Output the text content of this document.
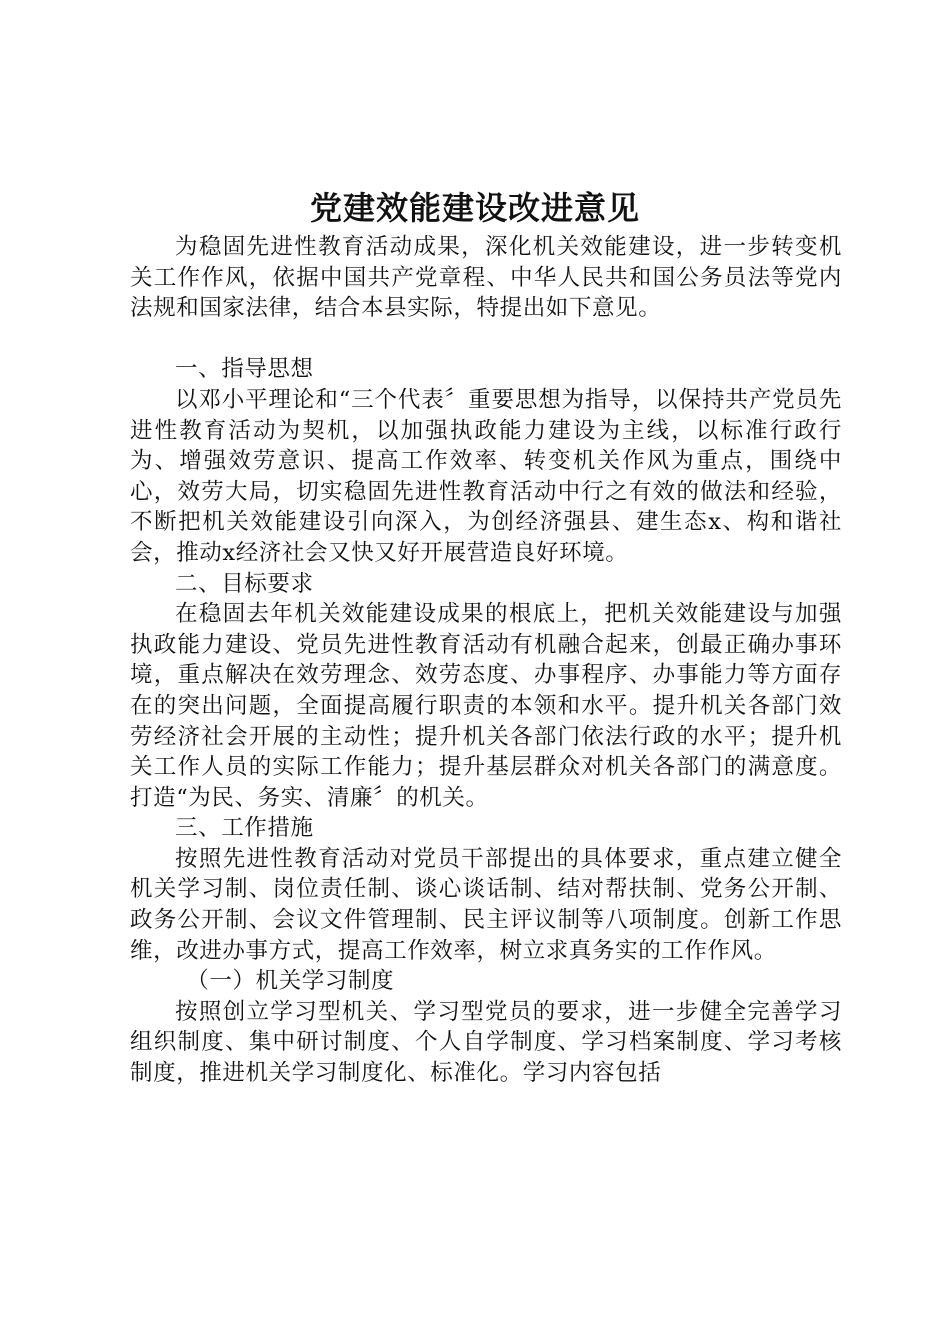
党建效能建设改进意见

为稳固先进性教育活动成果，深化机关效能建设，进一步转变机关工作作风，依据中国共产党章程、中华人民共和国公务员法等党内法规和国家法律，结合本县实际，特提出如下意见。

一、指导思想

以邓小平理论和“三个代表〞重要思想为指导，以保持共产党员先进性教育活动为契机，以加强执政能力建设为主线，以标准行政行为、增强效劳意识、提高工作效率、转变机关作风为重点，围绕中心，效劳大局，切实稳固先进性教育活动中行之有效的做法和经验，不断把机关效能建设引向深入，为创经济强县、建生态x、构和谐社会，推动x经济社会又快又好开展营造良好环境。

二、目标要求

在稳固去年机关效能建设成果的根底上，把机关效能建设与加强执政能力建设、党员先进性教育活动有机融合起来，创最正确办事环境，重点解决在效劳理念、效劳态度、办事程序、办事能力等方面存在的突出问题，全面提高履行职责的本领和水平。提升机关各部门效劳经济社会开展的主动性；提升机关各部门依法行政的水平；提升机关工作人员的实际工作能力；提升基层群众对机关各部门的满意度。打造“为民、务实、清廉〞的机关。

三、工作措施

按照先进性教育活动对党员干部提出的具体要求，重点建立健全机关学习制、岗位责任制、谈心谈话制、结对帮扶制、党务公开制、政务公开制、会议文件管理制、民主评议制等八项制度。创新工作思维，改进办事方式，提高工作效率，树立求真务实的工作作风。

（一）机关学习制度

按照创立学习型机关、学习型党员的要求，进一步健全完善学习组织制度、集中研讨制度、个人自学制度、学习档案制度、学习考核制度，推进机关学习制度化、标准化。学习内容包括
